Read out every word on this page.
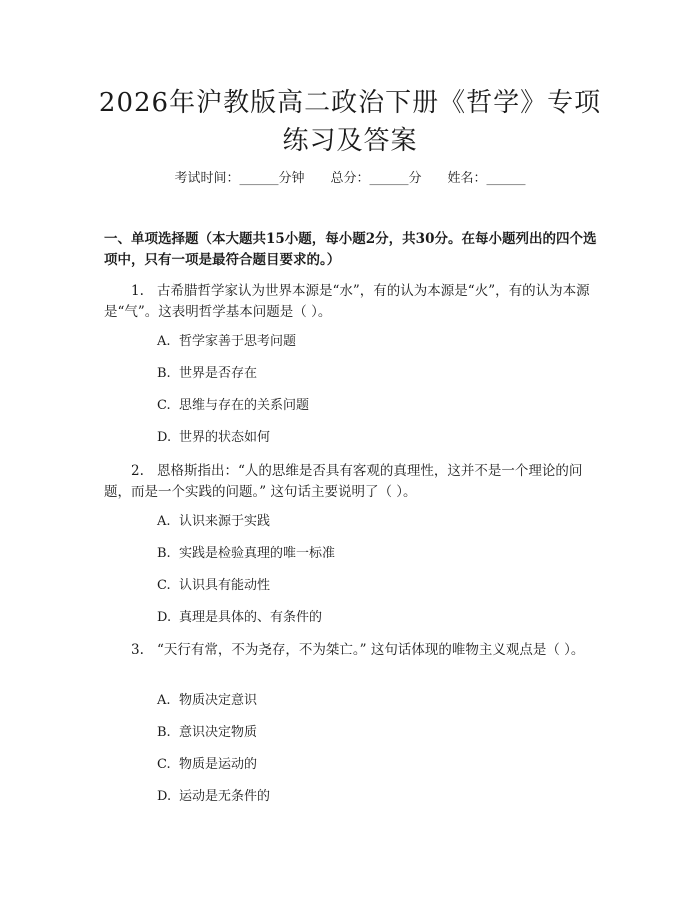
2026年沪教版高二政治下册《哲学》专项练习及答案
考试时间：______分钟 总分：______分 姓名：______

一、单项选择题（本大题共15小题，每小题2分，共30分。在每小题列出的四个选项中，只有一项是最符合题目要求的。）

1. 古希腊哲学家认为世界本源是“水”，有的认为本源是“火”，有的认为本源是“气”。这表明哲学基本问题是（ ）。

A. 哲学家善于思考问题
B. 世界是否存在
C. 思维与存在的关系问题
D. 世界的状态如何

2. 恩格斯指出：“人的思维是否具有客观的真理性，这并不是一个理论的问题，而是一个实践的问题。” 这句话主要说明了（ ）。

A. 认识来源于实践
B. 实践是检验真理的唯一标准
C. 认识具有能动性
D. 真理是具体的、有条件的

3. “天行有常，不为尧存，不为桀亡。” 这句话体现的唯物主义观点是（ ）。

A. 物质决定意识
B. 意识决定物质
C. 物质是运动的
D. 运动是无条件的
